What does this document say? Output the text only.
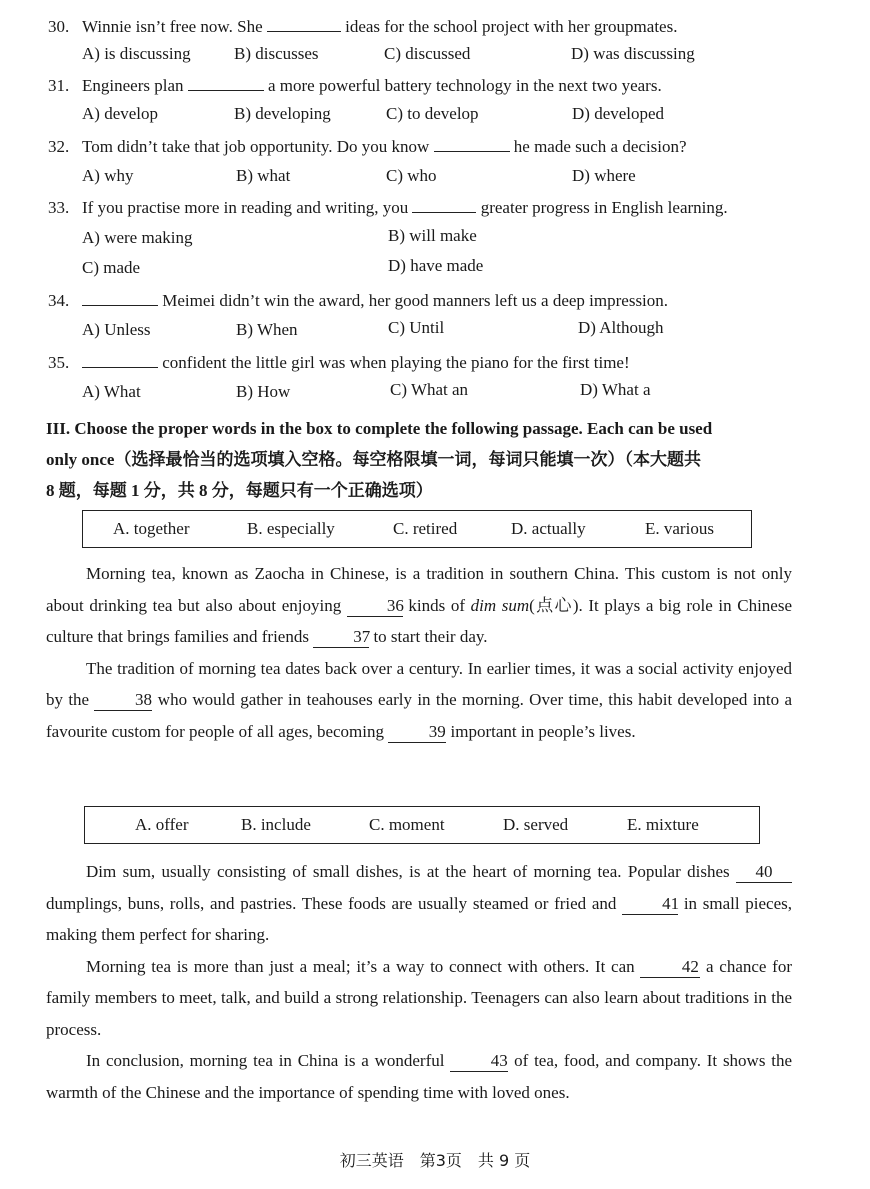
30. Winnie isn’t free now. She	ideas for the school project with her groupmates.
A) is discussing	B) discusses	C) discussed	D) was discussing
31. Engineers plan	a more powerful battery technology in the next two years.
A) develop	B) developing	C) to develop	D) developed
32. Tom didn’t take that job opportunity. Do you know	he made such a decision?
A) why	B) what	C) who	D) where
33. If you practise more in reading and writing, you	greater progress in English learning.
A) were making	B) will make
C) made	D) have made
34.	Meimei didn’t win the award, her good manners left us a deep impression.
A) Unless	B) When	C) Until	D) Although
35.	confident the little girl was when playing the piano for the first time!
A) What	B) How	C) What an	D) What a
III. Choose the proper words in the box to complete the following passage. Each can be used
only once（选择最恰当的选项填入空格。每空格限填一词，每词只能填一次）（本大题共
8 题，每题 1 分，共 8 分，每题只有一个正确选项）
A. together	B. especially	C. retired	D. actually	E. various
Morning tea, known as Zaocha in Chinese, is a tradition in southern China. This custom is not only about drinking tea but also about enjoying	36 kinds of dim sum(点心). It plays a big role in Chinese culture that brings families and friends	37 to start their day.
The tradition of morning tea dates back over a century. In earlier times, it was a social activity enjoyed by the	38 who would gather in teahouses early in the morning. Over time, this habit developed into a favourite custom for people of all ages, becoming	39 important in people’s lives.
A. offer	B. include	C. moment	D. served	E. mixture
Dim sum, usually consisting of small dishes, is at the heart of morning tea. Popular dishes 40 dumplings, buns, rolls, and pastries. These foods are usually steamed or fried and	41 in small pieces, making them perfect for sharing.
Morning tea is more than just a meal; it’s a way to connect with others. It can	42 a chance for family members to meet, talk, and build a strong relationship. Teenagers can also learn about traditions in the process.
In conclusion, morning tea in China is a wonderful	43 of tea, food, and company. It shows the warmth of the Chinese and the importance of spending time with loved ones.
初三英语 第3页 共 9 页
